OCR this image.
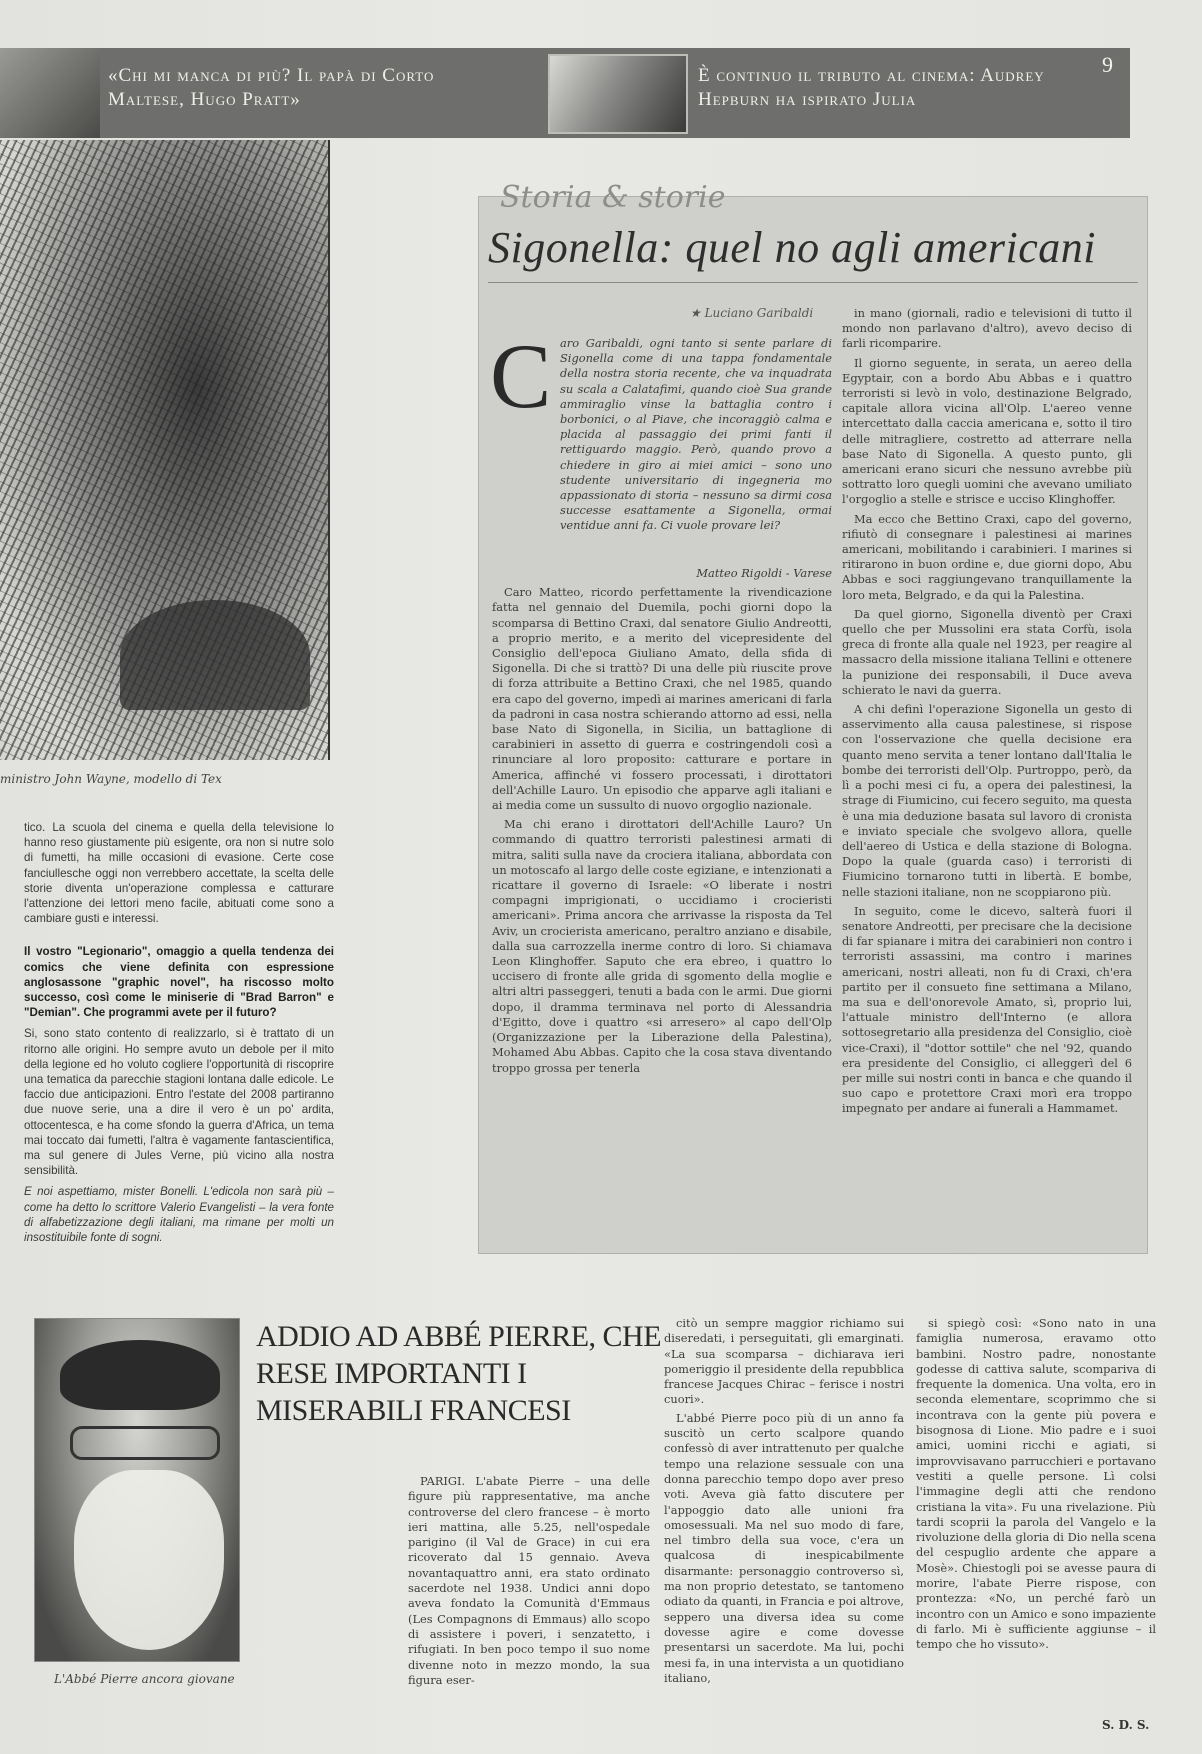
«Chi mi manca di più? Il papà di Corto Maltese, Hugo Pratt»
È continuo il tributo al cinema: Audrey Hepburn ha ispirato Julia
9
ministro John Wayne, modello di Tex

tico. La scuola del cinema e quella della televisione lo hanno reso giustamente più esigente, ora non si nutre solo di fumetti, ha mille occasioni di evasione. Certe cose fanciullesche oggi non verrebbero accettate, la scelta delle storie diventa un'operazione complessa e catturare l'attenzione dei lettori meno facile, abituati come sono a cambiare gusti e interessi.

Il vostro "Legionario", omaggio a quella tendenza dei comics che viene definita con espressione anglosassone "graphic novel", ha riscosso molto successo, così come le miniserie di "Brad Barron" e "Demian". Che programmi avete per il futuro?

Si, sono stato contento di realizzarlo, si è trattato di un ritorno alle origini. Ho sempre avuto un debole per il mito della legione ed ho voluto cogliere l'opportunità di riscoprire una tematica da parecchie stagioni lontana dalle edicole. Le faccio due anticipazioni. Entro l'estate del 2008 partiranno due nuove serie, una a dire il vero è un po' ardita, ottocentesca, e ha come sfondo la guerra d'Africa, un tema mai toccato dai fumetti, l'altra è vagamente fantascientifica, ma sul genere di Jules Verne, più vicino alla nostra sensibilità.

E noi aspettiamo, mister Bonelli. L'edicola non sarà più – come ha detto lo scrittore Valerio Evangelisti – la vera fonte di alfabetizzazione degli italiani, ma rimane per molti un insostituibile fonte di sogni.

Storia & storie
Sigonella: quel no agli americani
★ Luciano Garibaldi
C aro Garibaldi, ogni tanto si sente parlare di Sigonella come di una tappa fondamentale della nostra storia recente, che va inquadrata su scala a Calatafimi, quando cioè Sua grande ammiraglio vinse la battaglia contro i borbonici, o al Piave, che incoraggiò calma e placida al passaggio dei primi fanti il rettiguardo maggio. Però, quando provo a chiedere in giro ai miei amici – sono uno studente universitario di ingegneria mo appassionato di storia – nessuno sa dirmi cosa successe esattamente a Sigonella, ormai ventidue anni fa. Ci vuole provare lei?

Matteo Rigoldi - Varese

Caro Matteo, ricordo perfettamente la rivendicazione fatta nel gennaio del Duemila, pochi giorni dopo la scomparsa di Bettino Craxi, dal senatore Giulio Andreotti, a proprio merito, e a merito del vicepresidente del Consiglio dell'epoca Giuliano Amato, della sfida di Sigonella. Di che si trattò? Di una delle più riuscite prove di forza attribuite a Bettino Craxi, che nel 1985, quando era capo del governo, impedì ai marines americani di farla da padroni in casa nostra schierando attorno ad essi, nella base Nato di Sigonella, in Sicilia, un battaglione di carabinieri in assetto di guerra e costringendoli così a rinunciare al loro proposito: catturare e portare in America, affinché vi fossero processati, i dirottatori dell'Achille Lauro. Un episodio che apparve agli italiani e ai media come un sussulto di nuovo orgoglio nazionale.

Ma chi erano i dirottatori dell'Achille Lauro? Un commando di quattro terroristi palestinesi armati di mitra, saliti sulla nave da crociera italiana, abbordata con un motoscafo al largo delle coste egiziane, e intenzionati a ricattare il governo di Israele: «O liberate i nostri compagni imprigionati, o uccidiamo i crocieristi americani». Prima ancora che arrivasse la risposta da Tel Aviv, un crocierista americano, peraltro anziano e disabile, dalla sua carrozzella inerme contro di loro. Si chiamava Leon Klinghoffer. Saputo che era ebreo, i quattro lo uccisero di fronte alle grida di sgomento della moglie e altri altri passeggeri, tenuti a bada con le armi. Due giorni dopo, il dramma terminava nel porto di Alessandria d'Egitto, dove i quattro «si arresero» al capo dell'Olp (Organizzazione per la Liberazione della Palestina), Mohamed Abu Abbas. Capito che la cosa stava diventando troppo grossa per tenerla

in mano (giornali, radio e televisioni di tutto il mondo non parlavano d'altro), avevo deciso di farli ricomparire.

Il giorno seguente, in serata, un aereo della Egyptair, con a bordo Abu Abbas e i quattro terroristi si levò in volo, destinazione Belgrado, capitale allora vicina all'Olp. L'aereo venne intercettato dalla caccia americana e, sotto il tiro delle mitragliere, costretto ad atterrare nella base Nato di Sigonella. A questo punto, gli americani erano sicuri che nessuno avrebbe più sottratto loro quegli uomini che avevano umiliato l'orgoglio a stelle e strisce e ucciso Klinghoffer.

Ma ecco che Bettino Craxi, capo del governo, rifiutò di consegnare i palestinesi ai marines americani, mobilitando i carabinieri. I marines si ritirarono in buon ordine e, due giorni dopo, Abu Abbas e soci raggiungevano tranquillamente la loro meta, Belgrado, e da qui la Palestina.

Da quel giorno, Sigonella diventò per Craxi quello che per Mussolini era stata Corfù, isola greca di fronte alla quale nel 1923, per reagire al massacro della missione italiana Tellini e ottenere la punizione dei responsabili, il Duce aveva schierato le navi da guerra.

A chi definì l'operazione Sigonella un gesto di asservimento alla causa palestinese, si rispose con l'osservazione che quella decisione era quanto meno servita a tener lontano dall'Italia le bombe dei terroristi dell'Olp. Purtroppo, però, da lì a pochi mesi ci fu, a opera dei palestinesi, la strage di Fiumicino, cui fecero seguito, ma questa è una mia deduzione basata sul lavoro di cronista e inviato speciale che svolgevo allora, quelle dell'aereo di Ustica e della stazione di Bologna. Dopo la quale (guarda caso) i terroristi di Fiumicino tornarono tutti in libertà. E bombe, nelle stazioni italiane, non ne scoppiarono più.

In seguito, come le dicevo, salterà fuori il senatore Andreotti, per precisare che la decisione di far spianare i mitra dei carabinieri non contro i terroristi assassini, ma contro i marines americani, nostri alleati, non fu di Craxi, ch'era partito per il consueto fine settimana a Milano, ma sua e dell'onorevole Amato, sì, proprio lui, l'attuale ministro dell'Interno (e allora sottosegretario alla presidenza del Consiglio, cioè vice-Craxi), il "dottor sottile" che nel '92, quando era presidente del Consiglio, ci alleggerì del 6 per mille sui nostri conti in banca e che quando il suo capo e protettore Craxi morì era troppo impegnato per andare ai funerali a Hammamet.

L'Abbé Pierre ancora giovane
ADDIO AD ABBÉ PIERRE, CHE RESE IMPORTANTI I MISERABILI FRANCESI

PARIGI. L'abate Pierre – una delle figure più rappresentative, ma anche controverse del clero francese – è morto ieri mattina, alle 5.25, nell'ospedale parigino (il Val de Grace) in cui era ricoverato dal 15 gennaio. Aveva novantaquattro anni, era stato ordinato sacerdote nel 1938. Undici anni dopo aveva fondato la Comunità d'Emmaus (Les Compagnons di Emmaus) allo scopo di assistere i poveri, i senzatetto, i rifugiati. In ben poco tempo il suo nome divenne noto in mezzo mondo, la sua figura eser-

citò un sempre maggior richiamo sui diseredati, i perseguitati, gli emarginati. «La sua scomparsa – dichiarava ieri pomeriggio il presidente della repubblica francese Jacques Chirac – ferisce i nostri cuori».

L'abbé Pierre poco più di un anno fa suscitò un certo scalpore quando confessò di aver intrattenuto per qualche tempo una relazione sessuale con una donna parecchio tempo dopo aver preso voti. Aveva già fatto discutere per l'appoggio dato alle unioni fra omosessuali. Ma nel suo modo di fare, nel timbro della sua voce, c'era un qualcosa di inespicabilmente disarmante: personaggio controverso sì, ma non proprio detestato, se tantomeno odiato da quanti, in Francia e poi altrove, seppero una diversa idea su come dovesse agire e come dovesse presentarsi un sacerdote. Ma lui, pochi mesi fa, in una intervista a un quotidiano italiano,

si spiegò così: «Sono nato in una famiglia numerosa, eravamo otto bambini. Nostro padre, nonostante godesse di cattiva salute, scompariva di frequente la domenica. Una volta, ero in seconda elementare, scoprimmo che si incontrava con la gente più povera e bisognosa di Lione. Mio padre e i suoi amici, uomini ricchi e agiati, si improvvisavano parrucchieri e portavano vestiti a quelle persone. Lì colsi l'immagine degli atti che rendono cristiana la vita». Fu una rivelazione. Più tardi scoprii la parola del Vangelo e la rivoluzione della gloria di Dio nella scena del cespuglio ardente che appare a Mosè». Chiestogli poi se avesse paura di morire, l'abate Pierre rispose, con prontezza: «No, un perché farò un incontro con un Amico e sono impaziente di farlo. Mi è sufficiente aggiunse – il tempo che ho vissuto».

S. D. S.
